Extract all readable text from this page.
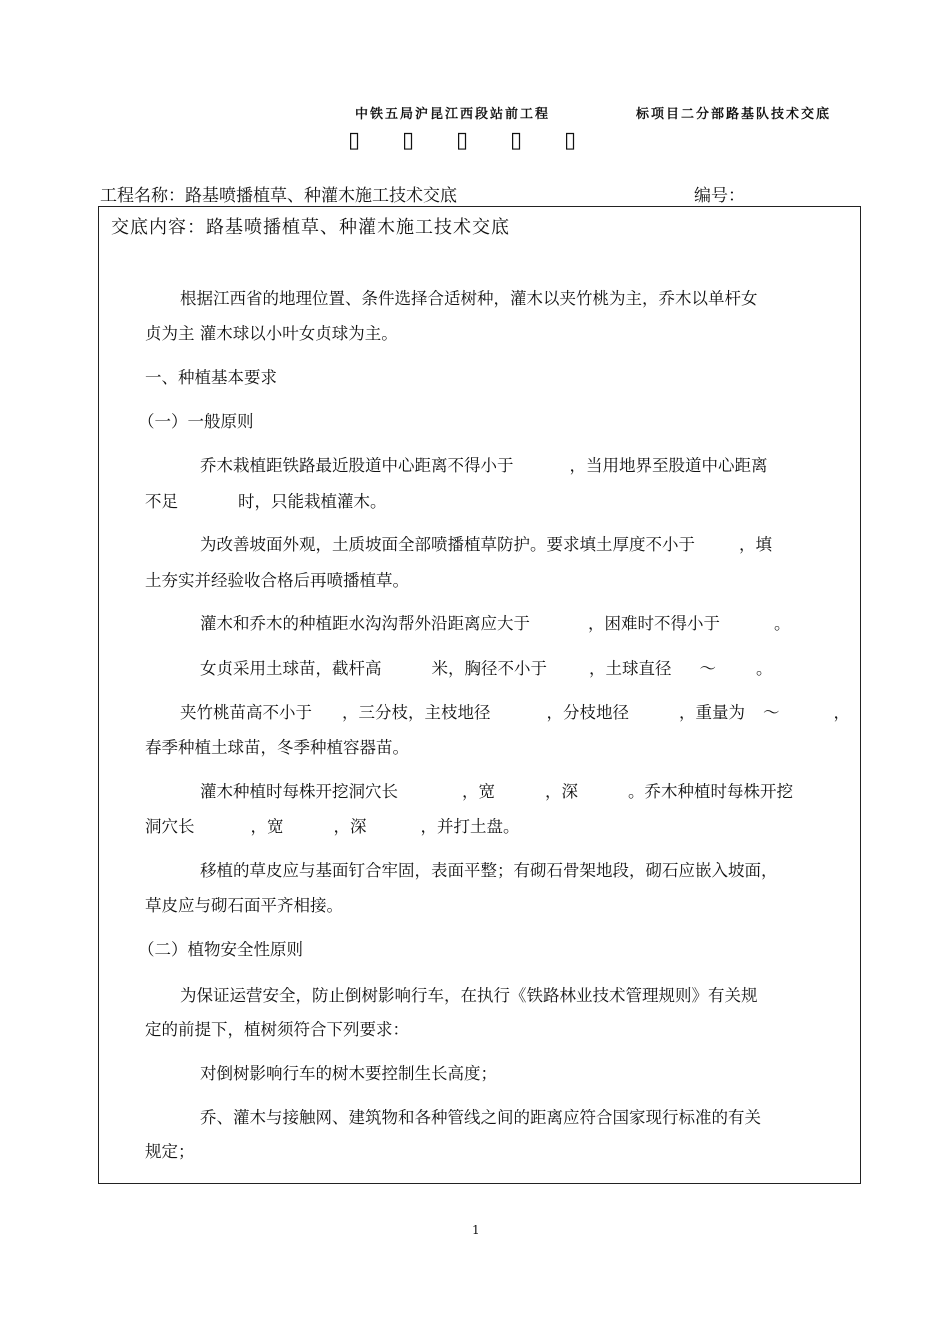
中铁五局沪昆江西段站前工程	标项目二分部路基队技术交底
▯ ▯ ▯ ▯ ▯
工程名称：路基喷播植草、种灌木施工技术交底	编号：
交底内容：路基喷播植草、种灌木施工技术交底
根据江西省的地理位置、条件选择合适树种，灌木以夹竹桃为主，乔木以单杆女
贞为主 灌木球以小叶女贞球为主。
一、种植基本要求
（一）一般原则
乔木栽植距铁路最近股道中心距离不得小于	，当用地界至股道中心距离
不足	时，只能栽植灌木。
为改善坡面外观，土质坡面全部喷播植草防护。要求填土厚度不小于	，填
土夯实并经验收合格后再喷播植草。
灌木和乔木的种植距水沟沟帮外沿距离应大于	，困难时不得小于	。
女贞采用土球苗，截杆高	米，胸径不小于	，土球直径 ～ 。
夹竹桃苗高不小于 ，三分枝，主枝地径	，分枝地径	，重量为 ～	，
春季种植土球苗，冬季种植容器苗。
灌木种植时每株开挖洞穴长	，宽	，深	。乔木种植时每株开挖
洞穴长	，宽	，深	，并打土盘。
移植的草皮应与基面钉合牢固，表面平整；有砌石骨架地段，砌石应嵌入坡面，
草皮应与砌石面平齐相接。
（二）植物安全性原则
为保证运营安全，防止倒树影响行车，在执行《铁路林业技术管理规则》有关规
定的前提下，植树须符合下列要求：
对倒树影响行车的树木要控制生长高度；
乔、灌木与接触网、建筑物和各种管线之间的距离应符合国家现行标准的有关
规定；
1
